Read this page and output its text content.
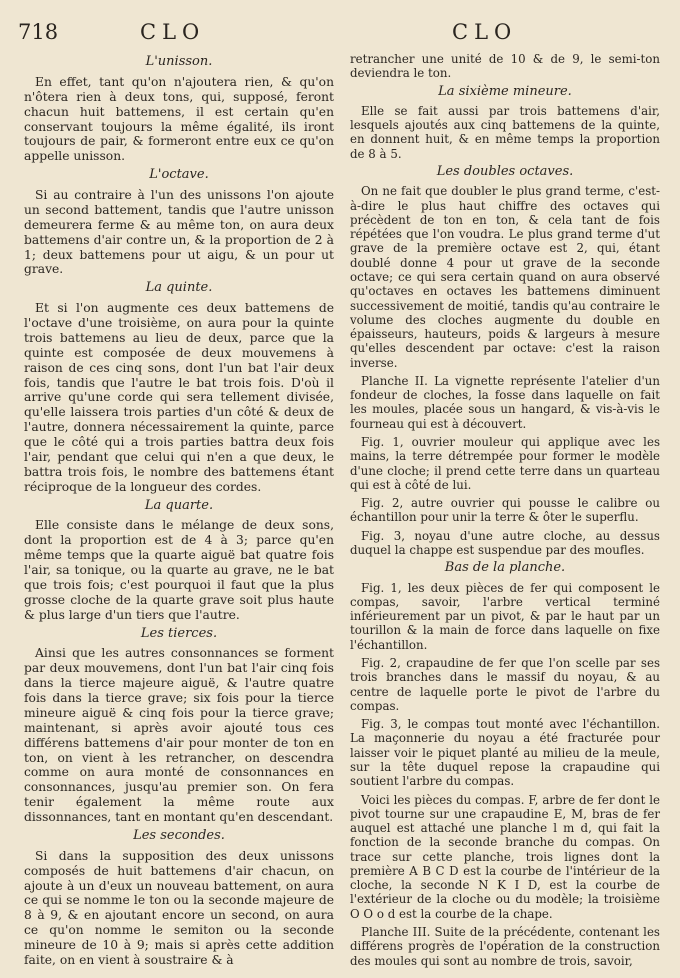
718	CLO	CLO
L'unisson.

En effet, tant qu'on n'ajoutera rien, & qu'on n'ôtera rien à deux tons, qui, supposé, feront chacun huit battemens, il est certain qu'en conservant toujours la même égalité, ils iront toujours de pair, & formeront entre eux ce qu'on appelle unisson.

L'octave.

Si au contraire à l'un des unissons l'on ajoute un second battement, tandis que l'autre unisson demeurera ferme & au même ton, on aura deux battemens d'air contre un, & la proportion de 2 à 1; deux battemens pour ut aigu, & un pour ut grave.

La quinte.

Et si l'on augmente ces deux battemens de l'octave d'une troisième, on aura pour la quinte trois battemens au lieu de deux, parce que la quinte est composée de deux mouvemens à raison de ces cinq sons, dont l'un bat l'air deux fois, tandis que l'autre le bat trois fois. D'où il arrive qu'une corde qui sera tellement divisée, qu'elle laissera trois parties d'un côté & deux de l'autre, donnera nécessairement la quinte, parce que le côté qui a trois parties battra deux fois l'air, pendant que celui qui n'en a que deux, le battra trois fois, le nombre des battemens étant réciproque de la longueur des cordes.

La quarte.

Elle consiste dans le mélange de deux sons, dont la proportion est de 4 à 3; parce qu'en même temps que la quarte aiguë bat quatre fois l'air, sa tonique, ou la quarte au grave, ne le bat que trois fois; c'est pourquoi il faut que la plus grosse cloche de la quarte grave soit plus haute & plus large d'un tiers que l'autre.

Les tierces.

Ainsi que les autres consonnances se forment par deux mouvemens, dont l'un bat l'air cinq fois dans la tierce majeure aiguë, & l'autre quatre fois dans la tierce grave; six fois pour la tierce mineure aiguë & cinq fois pour la tierce grave; maintenant, si après avoir ajouté tous ces différens battemens d'air pour monter de ton en ton, on vient à les retrancher, on descendra comme on aura monté de consonnances en consonnances, jusqu'au premier son. On fera tenir également la même route aux dissonnances, tant en montant qu'en descendant.

Les secondes.

Si dans la supposition des deux unissons composés de huit battemens d'air chacun, on ajoute à un d'eux un nouveau battement, on aura ce qui se nomme le ton ou la seconde majeure de 8 à 9, & en ajoutant encore un second, on aura ce qu'on nomme le semiton ou la seconde mineure de 10 à 9; mais si après cette addition faite, on en vient à soustraire & à

retrancher une unité de 10 & de 9, le semi-ton deviendra le ton.

La sixième mineure.

Elle se fait aussi par trois battemens d'air, lesquels ajoutés aux cinq battemens de la quinte, en donnent huit, & en même temps la proportion de 8 à 5.

Les doubles octaves.

On ne fait que doubler le plus grand terme, c'est-à-dire le plus haut chiffre des octaves qui précèdent de ton en ton, & cela tant de fois répétées que l'on voudra. Le plus grand terme d'ut grave de la première octave est 2, qui, étant doublé donne 4 pour ut grave de la seconde octave; ce qui sera certain quand on aura observé qu'octaves en octaves les battemens diminuent successivement de moitié, tandis qu'au contraire le volume des cloches augmente du double en épaisseurs, hauteurs, poids & largeurs à mesure qu'elles descendent par octave: c'est la raison inverse.

Planche II. La vignette représente l'atelier d'un fondeur de cloches, la fosse dans laquelle on fait les moules, placée sous un hangard, & vis-à-vis le fourneau qui est à découvert.

Fig. 1, ouvrier mouleur qui applique avec les mains, la terre détrempée pour former le modèle d'une cloche; il prend cette terre dans un quarteau qui est à côté de lui.

Fig. 2, autre ouvrier qui pousse le calibre ou échantillon pour unir la terre & ôter le superflu.

Fig. 3, noyau d'une autre cloche, au dessus duquel la chappe est suspendue par des moufles.

Bas de la planche.

Fig. 1, les deux pièces de fer qui composent le compas, savoir, l'arbre vertical terminé inférieurement par un pivot, & par le haut par un tourillon & la main de force dans laquelle on fixe l'échantillon.

Fig. 2, crapaudine de fer que l'on scelle par ses trois branches dans le massif du noyau, & au centre de laquelle porte le pivot de l'arbre du compas.

Fig. 3, le compas tout monté avec l'échantillon. La maçonnerie du noyau a été fracturée pour laisser voir le piquet planté au milieu de la meule, sur la tête duquel repose la crapaudine qui soutient l'arbre du compas.

Voici les pièces du compas. F, arbre de fer dont le pivot tourne sur une crapaudine E, M, bras de fer auquel est attaché une planche l m d, qui fait la fonction de la seconde branche du compas. On trace sur cette planche, trois lignes dont la première A B C D est la courbe de l'intérieur de la cloche, la seconde N K I D, est la courbe de l'extérieur de la cloche ou du modèle; la troisième O O o d est la courbe de la chape.

Planche III. Suite de la précédente, contenant les différens progrès de l'opération de la construction des moules qui sont au nombre de trois, savoir,
